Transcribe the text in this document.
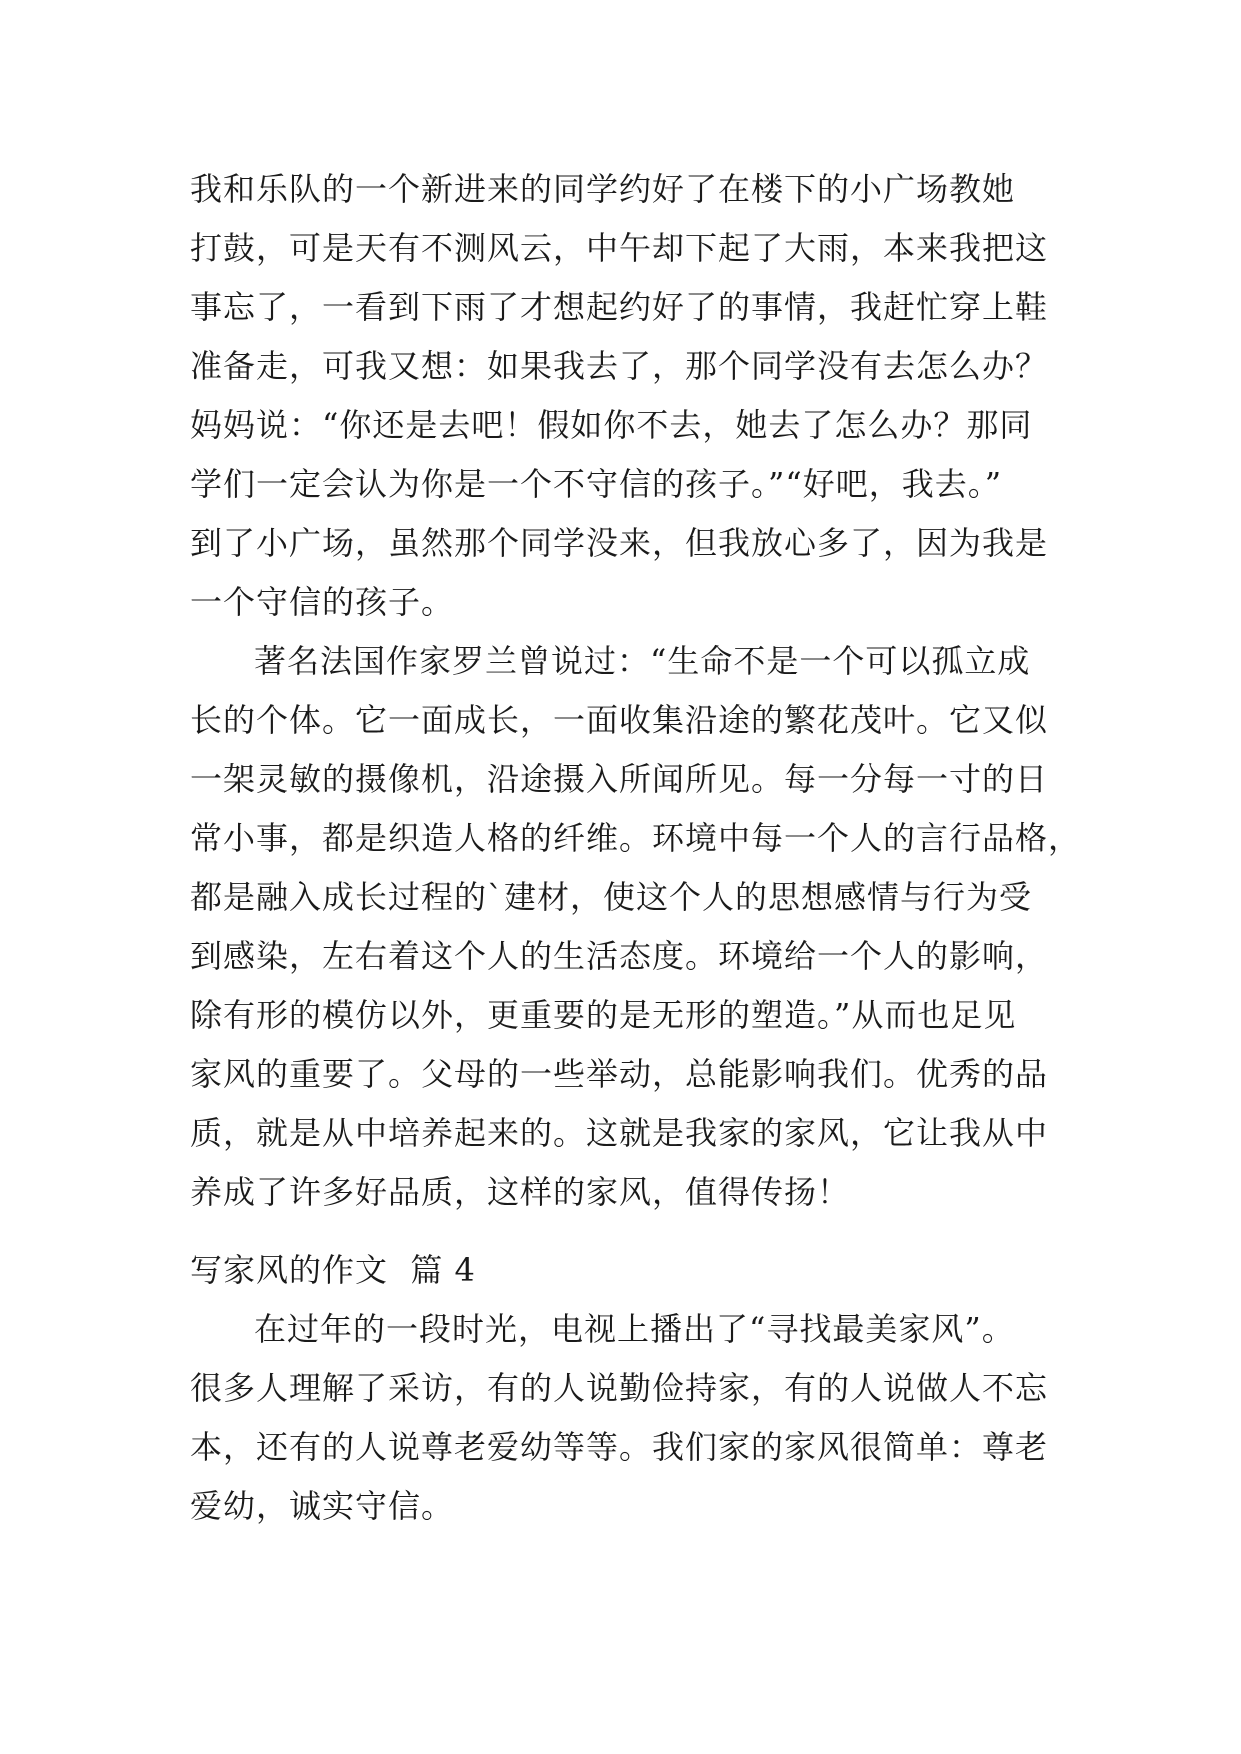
我和乐队的一个新进来的同学约好了在楼下的小广场教她
打鼓，可是天有不测风云，中午却下起了大雨，本来我把这
事忘了，一看到下雨了才想起约好了的事情，我赶忙穿上鞋
准备走，可我又想：如果我去了，那个同学没有去怎么办？
妈妈说：“你还是去吧！假如你不去，她去了怎么办？那同
学们一定会认为你是一个不守信的孩子。”“好吧，我去。”
到了小广场，虽然那个同学没来，但我放心多了，因为我是
一个守信的孩子。
著名法国作家罗兰曾说过：“生命不是一个可以孤立成
长的个体。它一面成长，一面收集沿途的繁花茂叶。它又似
一架灵敏的摄像机，沿途摄入所闻所见。每一分每一寸的日
常小事，都是织造人格的纤维。环境中每一个人的言行品格，
都是融入成长过程的`建材，使这个人的思想感情与行为受
到感染，左右着这个人的生活态度。环境给一个人的影响，
除有形的模仿以外，更重要的是无形的塑造。”从而也足见
家风的重要了。父母的一些举动，总能影响我们。优秀的品
质，就是从中培养起来的。这就是我家的家风，它让我从中
养成了许多好品质，这样的家风，值得传扬！
写家风的作文  篇 4
在过年的一段时光，电视上播出了“寻找最美家风”。
很多人理解了采访，有的人说勤俭持家，有的人说做人不忘
本，还有的人说尊老爱幼等等。我们家的家风很简单：尊老
爱幼，诚实守信。
